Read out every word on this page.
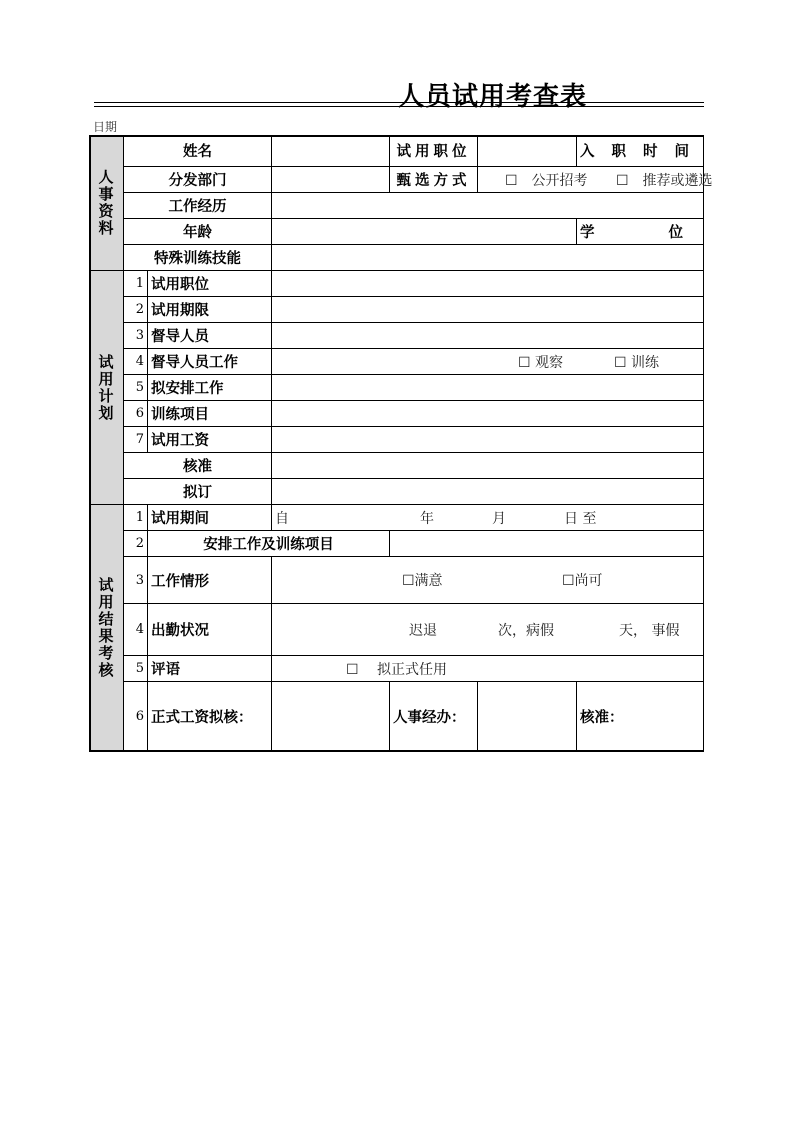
人员试用考查表
日期
人事资料
姓名	试用职位	入职时间
分发部门	甄选方式	☐　公开招考 ☐　推荐或遴选
工作经历
年龄	学位
特殊训练技能
试用计划
1 试用职位
2 试用期限
3 督导人员
4 督导人员工作	☐ 观察	☐ 训练
5 拟安排工作
6 训练项目
7 试用工资
核准
拟订
试用结果考核
1 试用期间	自	年	月	日 至
2	安排工作及训练项目
3 工作情形	☐满意	☐尚可
4 出勤状况	迟退	次，病假	天， 事假
5 评语	☐　 拟正式任用
6 正式工资拟核：	人事经办：	核准：
